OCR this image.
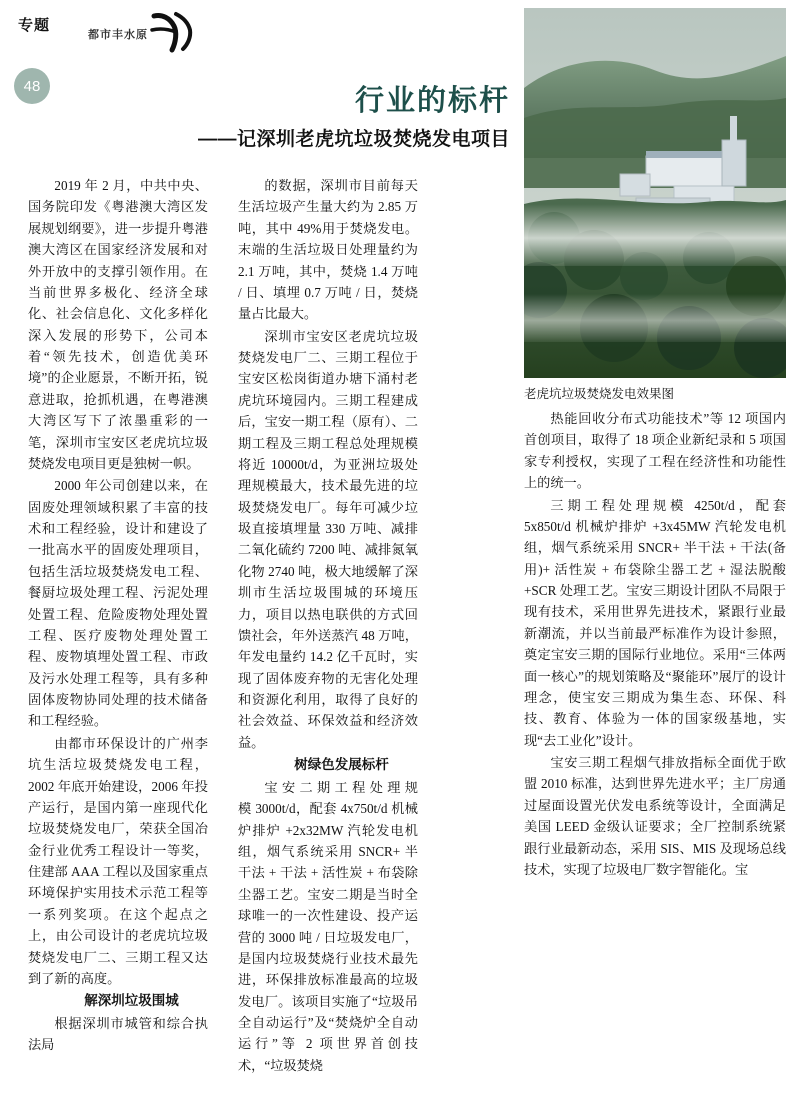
专题
都市丰水原
48
老虎坑垃圾焚烧发电效果图
行业的标杆
——记深圳老虎坑垃圾焚烧发电项目

2019 年 2 月，中共中央、国务院印发《粤港澳大湾区发展规划纲要》，进一步提升粤港澳大湾区在国家经济发展和对外开放中的支撑引领作用。在当前世界多极化、经济全球化、社会信息化、文化多样化深入发展的形势下，公司本着“领先技术，创造优美环境”的企业愿景，不断开拓，锐意进取，抢抓机遇，在粤港澳大湾区写下了浓墨重彩的一笔，深圳市宝安区老虎坑垃圾焚烧发电项目更是独树一帜。

2000 年公司创建以来，在固废处理领域积累了丰富的技术和工程经验，设计和建设了一批高水平的固废处理项目，包括生活垃圾焚烧发电工程、餐厨垃圾处理工程、污泥处理处置工程、危险废物处理处置工程、医疗废物处理处置工程、废物填埋处置工程、市政及污水处理工程等，具有多种固体废物协同处理的技术储备和工程经验。

由都市环保设计的广州李坑生活垃圾焚烧发电工程，2002 年底开始建设，2006 年投产运行，是国内第一座现代化垃圾焚烧发电厂，荣获全国冶金行业优秀工程设计一等奖，住建部 AAA 工程以及国家重点环境保护实用技术示范工程等一系列奖项。在这个起点之上，由公司设计的老虎坑垃圾焚烧发电厂二、三期工程又达到了新的高度。

解深圳垃圾围城

根据深圳市城管和综合执法局

的数据，深圳市目前每天生活垃圾产生量大约为 2.85 万吨，其中 49%用于焚烧发电。末端的生活垃圾日处理量约为 2.1 万吨，其中，焚烧 1.4 万吨 / 日、填埋 0.7 万吨 / 日，焚烧量占比最大。

深圳市宝安区老虎坑垃圾焚烧发电厂二、三期工程位于宝安区松岗街道办塘下涌村老虎坑环境园内。三期工程建成后，宝安一期工程（原有）、二期工程及三期工程总处理规模将近 10000t/d，为亚洲垃圾处理规模最大，技术最先进的垃圾焚烧发电厂。每年可减少垃圾直接填埋量 330 万吨、减排二氧化硫约 7200 吨、减排氮氧化物 2740 吨，极大地缓解了深圳市生活垃圾围城的环境压力，项目以热电联供的方式回馈社会，年外送蒸汽 48 万吨，年发电量约 14.2 亿千瓦时，实现了固体废弃物的无害化处理和资源化利用，取得了良好的社会效益、环保效益和经济效益。

树绿色发展标杆

宝 安 二 期 工 程 处 理 规 模 3000t/d，配套 4x750t/d 机械炉排炉 +2x32MW 汽轮发电机组，烟气系统采用 SNCR+ 半干法 + 干法 + 活性炭 + 布袋除尘器工艺。宝安二期是当时全球唯一的一次性建设、投产运营的 3000 吨 / 日垃圾发电厂，是国内垃圾焚烧行业技术最先进，环保排放标准最高的垃圾发电厂。该项目实施了“垃圾吊全自动运行”及“焚烧炉全自动运行”等 2 项世界首创技术，“垃圾焚烧

热能回收分布式功能技术”等 12 项国内首创项目，取得了 18 项企业新纪录和 5 项国家专利授权，实现了工程在经济性和功能性上的统一。

三期工程处理规模 4250t/d，配套 5x850t/d 机械炉排炉 +3x45MW 汽轮发电机组，烟气系统采用 SNCR+ 半干法 + 干法(备用)+ 活性炭 + 布袋除尘器工艺 + 湿法脱酸 +SCR 处理工艺。宝安三期设计团队不局限于现有技术，采用世界先进技术，紧跟行业最新潮流，并以当前最严标准作为设计参照，奠定宝安三期的国际行业地位。采用“三体两面一核心”的规划策略及“聚能环”展厅的设计理念，使宝安三期成为集生态、环保、科技、教育、体验为一体的国家级基地，实现“去工业化”设计。

宝安三期工程烟气排放指标全面优于欧盟 2010 标准，达到世界先进水平；主厂房通过屋面设置光伏发电系统等设计，全面满足美国 LEED 金级认证要求；全厂控制系统紧跟行业最新动态，采用 SIS、MIS 及现场总线技术，实现了垃圾电厂数字智能化。宝
